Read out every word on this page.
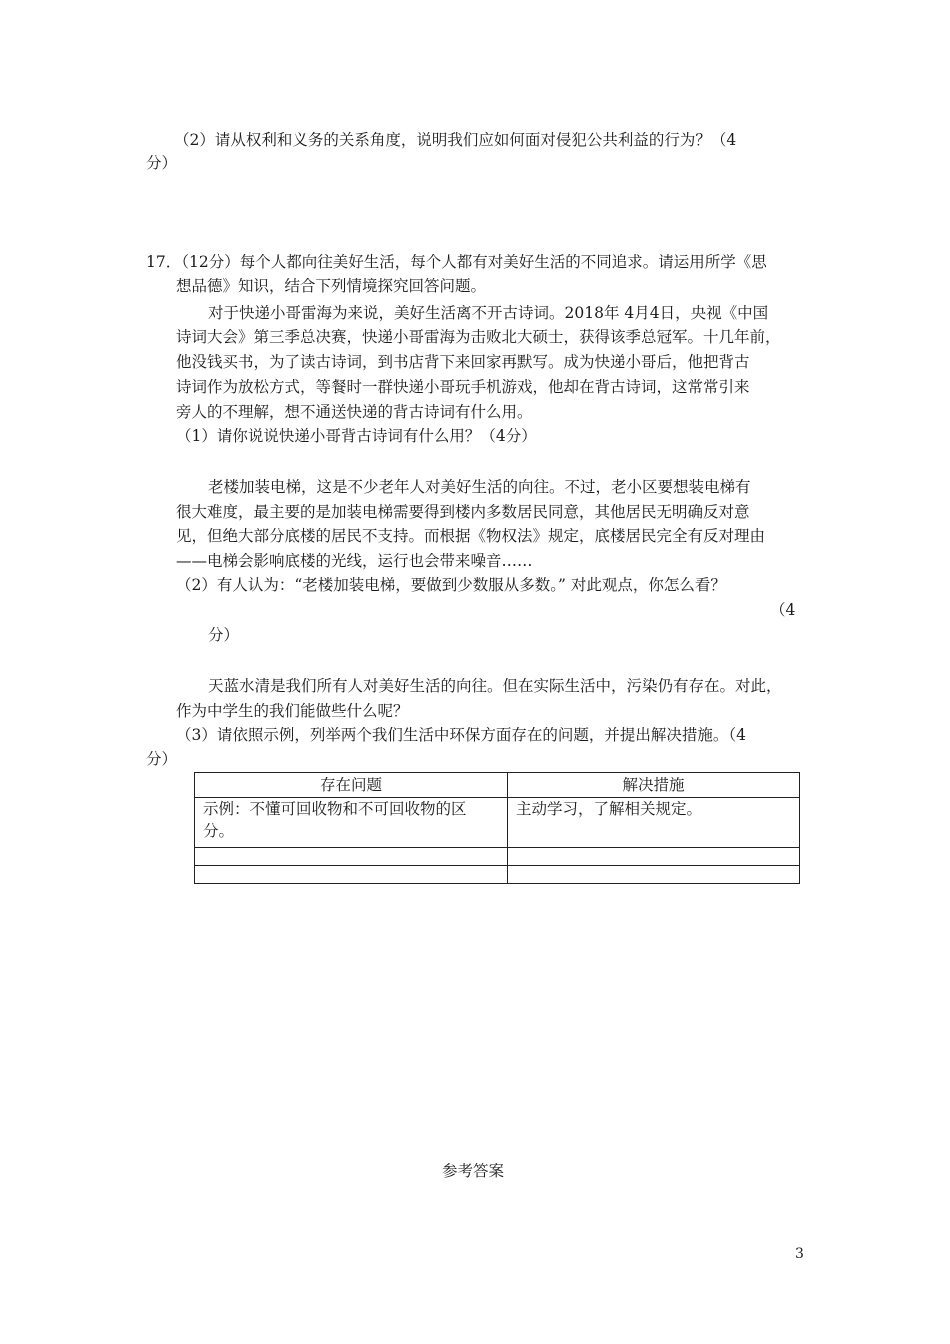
（2）请从权利和义务的关系角度，说明我们应如何面对侵犯公共利益的行为？（4
分）
17．（12分）每个人都向往美好生活，每个人都有对美好生活的不同追求。请运用所学《思
想品德》知识，结合下列情境探究回答问题。
对于快递小哥雷海为来说，美好生活离不开古诗词。2018年 4月4日，央视《中国
诗词大会》第三季总决赛，快递小哥雷海为击败北大硕士，获得该季总冠军。十几年前，
他没钱买书，为了读古诗词，到书店背下来回家再默写。成为快递小哥后，他把背古
诗词作为放松方式，等餐时一群快递小哥玩手机游戏，他却在背古诗词，这常常引来
旁人的不理解，想不通送快递的背古诗词有什么用。
（1）请你说说快递小哥背古诗词有什么用？（4分）
老楼加装电梯，这是不少老年人对美好生活的向往。不过，老小区要想装电梯有
很大难度，最主要的是加装电梯需要得到楼内多数居民同意，其他居民无明确反对意
见，但绝大部分底楼的居民不支持。而根据《物权法》规定，底楼居民完全有反对理由
——电梯会影响底楼的光线，运行也会带来噪音……
（2）有人认为：“老楼加装电梯，要做到少数服从多数。” 对此观点，你怎么看？
（4
分）
天蓝水清是我们所有人对美好生活的向往。但在实际生活中，污染仍有存在。对此，
作为中学生的我们能做些什么呢？
（3）请依照示例，列举两个我们生活中环保方面存在的问题，并提出解决措施。（4
分）
存在问题	解决措施

示例：不懂可回收物和不可回收物的区
分。	主动学习，了解相关规定。

参考答案
3
